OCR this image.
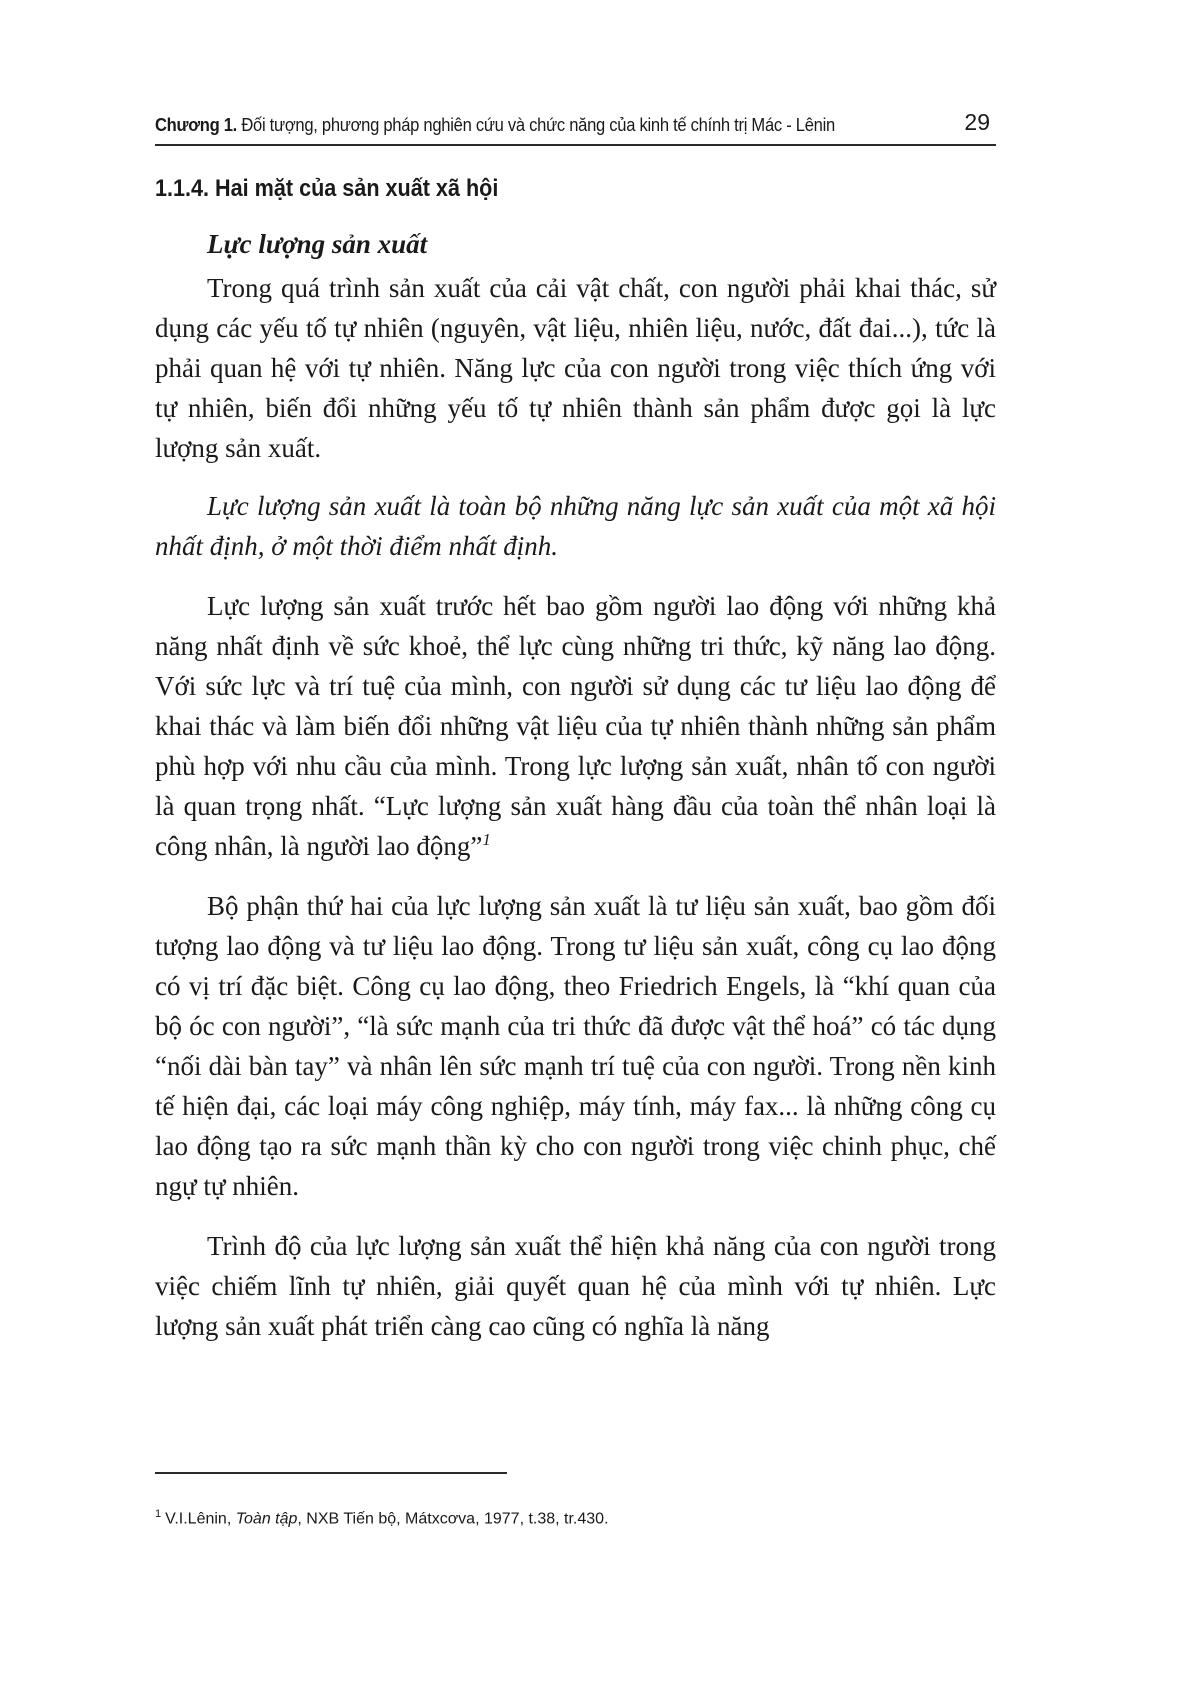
Chương 1. Đối tượng, phương pháp nghiên cứu và chức năng của kinh tế chính trị Mác - Lênin	29
1.1.4. Hai mặt của sản xuất xã hội
Lực lượng sản xuất

Trong quá trình sản xuất của cải vật chất, con người phải khai thác, sử dụng các yếu tố tự nhiên (nguyên, vật liệu, nhiên liệu, nước, đất đai...), tức là phải quan hệ với tự nhiên. Năng lực của con người trong việc thích ứng với tự nhiên, biến đổi những yếu tố tự nhiên thành sản phẩm được gọi là lực lượng sản xuất.

Lực lượng sản xuất là toàn bộ những năng lực sản xuất của một xã hội nhất định, ở một thời điểm nhất định.

Lực lượng sản xuất trước hết bao gồm người lao động với những khả năng nhất định về sức khoẻ, thể lực cùng những tri thức, kỹ năng lao động. Với sức lực và trí tuệ của mình, con người sử dụng các tư liệu lao động để khai thác và làm biến đổi những vật liệu của tự nhiên thành những sản phẩm phù hợp với nhu cầu của mình. Trong lực lượng sản xuất, nhân tố con người là quan trọng nhất. “Lực lượng sản xuất hàng đầu của toàn thể nhân loại là công nhân, là người lao động”$^1$

Bộ phận thứ hai của lực lượng sản xuất là tư liệu sản xuất, bao gồm đối tượng lao động và tư liệu lao động. Trong tư liệu sản xuất, công cụ lao động có vị trí đặc biệt. Công cụ lao động, theo Friedrich Engels, là “khí quan của bộ óc con người”, “là sức mạnh của tri thức đã được vật thể hoá” có tác dụng “nối dài bàn tay” và nhân lên sức mạnh trí tuệ của con người. Trong nền kinh tế hiện đại, các loại máy công nghiệp, máy tính, máy fax... là những công cụ lao động tạo ra sức mạnh thần kỳ cho con người trong việc chinh phục, chế ngự tự nhiên.

Trình độ của lực lượng sản xuất thể hiện khả năng của con người trong việc chiếm lĩnh tự nhiên, giải quyết quan hệ của mình với tự nhiên. Lực lượng sản xuất phát triển càng cao cũng có nghĩa là năng

$^1$ V.I.Lênin, Toàn tập, NXB Tiến bộ, Mátxcơva, 1977, t.38, tr.430.
